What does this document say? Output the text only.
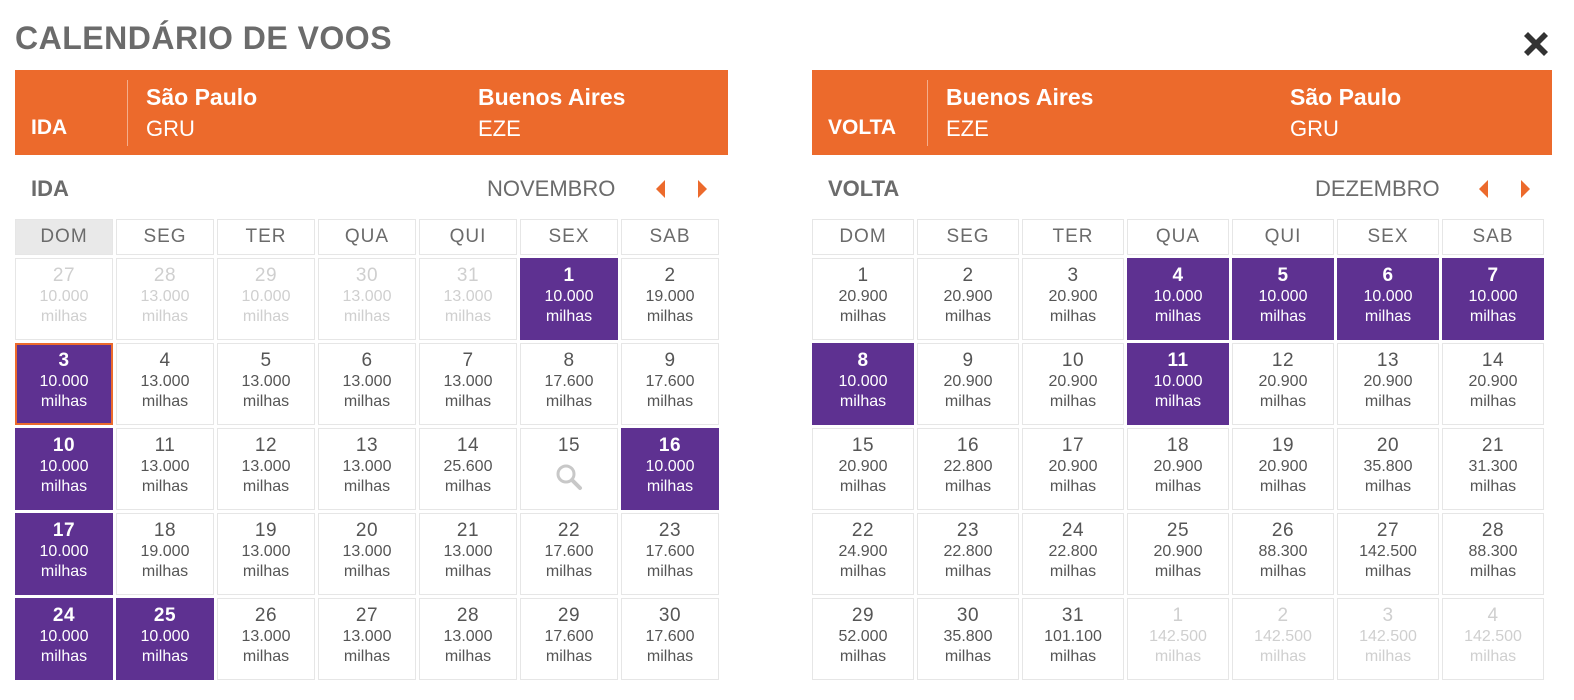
CALENDÁRIO DE VOOS
IDA
São Paulo
GRU
Buenos Aires
EZE
IDA	NOVEMBRO
DOM	SEG	TER	QUA	QUI	SEX	SAB

27
10.000
milhas	28
13.000
milhas	29
10.000
milhas	30
13.000
milhas	31
13.000
milhas	1
10.000
milhas	2
19.000
milhas

3
10.000
milhas	4
13.000
milhas	5
13.000
milhas	6
13.000
milhas	7
13.000
milhas	8
17.600
milhas	9
17.600
milhas

10
10.000
milhas	11
13.000
milhas	12
13.000
milhas	13
13.000
milhas	14
25.600
milhas	15	16
10.000
milhas

17
10.000
milhas	18
19.000
milhas	19
13.000
milhas	20
13.000
milhas	21
13.000
milhas	22
17.600
milhas	23
17.600
milhas

24
10.000
milhas	25
10.000
milhas	26
13.000
milhas	27
13.000
milhas	28
13.000
milhas	29
17.600
milhas	30
17.600
milhas
VOLTA
Buenos Aires
EZE
São Paulo
GRU
VOLTA	DEZEMBRO
DOM	SEG	TER	QUA	QUI	SEX	SAB

1
20.900
milhas	2
20.900
milhas	3
20.900
milhas	4
10.000
milhas	5
10.000
milhas	6
10.000
milhas	7
10.000
milhas

8
10.000
milhas	9
20.900
milhas	10
20.900
milhas	11
10.000
milhas	12
20.900
milhas	13
20.900
milhas	14
20.900
milhas

15
20.900
milhas	16
22.800
milhas	17
20.900
milhas	18
20.900
milhas	19
20.900
milhas	20
35.800
milhas	21
31.300
milhas

22
24.900
milhas	23
22.800
milhas	24
22.800
milhas	25
20.900
milhas	26
88.300
milhas	27
142.500
milhas	28
88.300
milhas

29
52.000
milhas	30
35.800
milhas	31
101.100
milhas	1
142.500
milhas	2
142.500
milhas	3
142.500
milhas	4
142.500
milhas
